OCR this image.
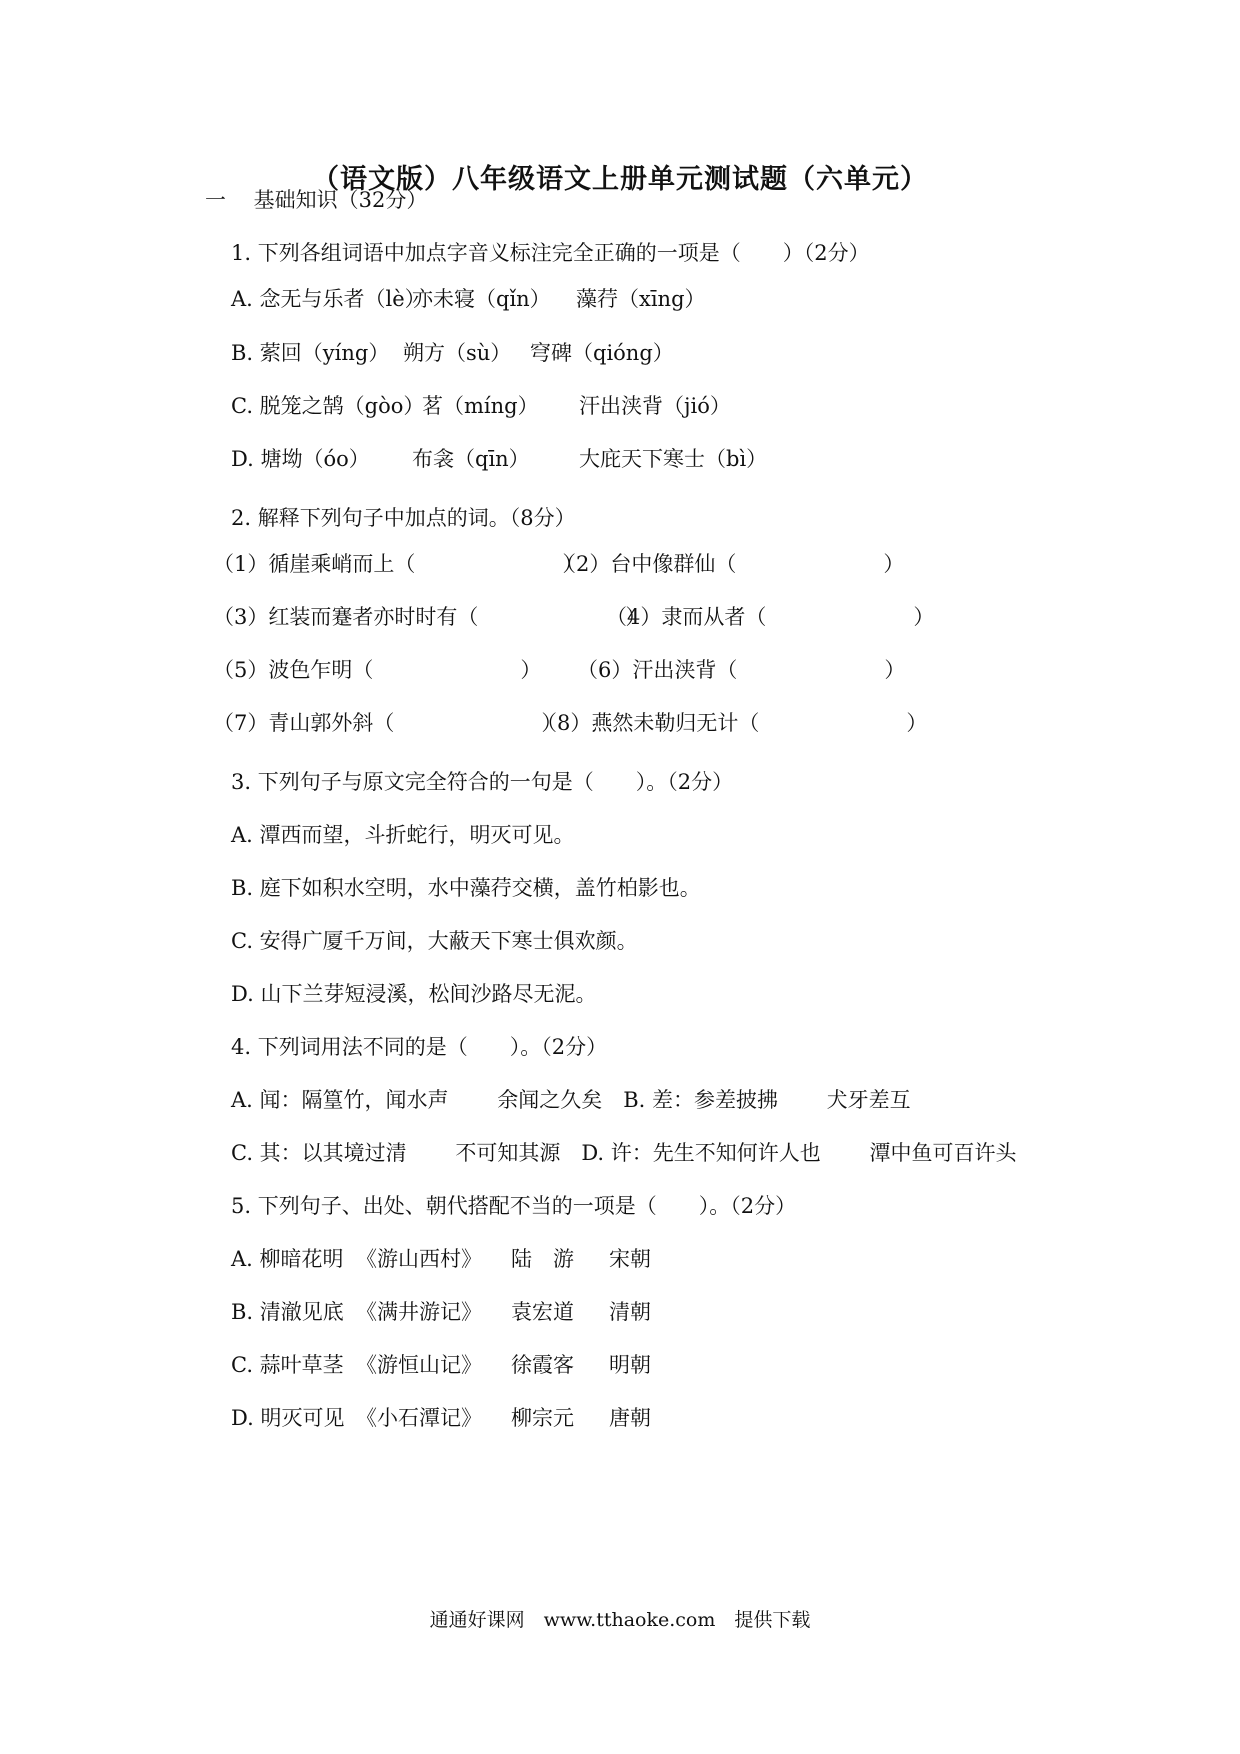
（语文版）八年级语文上册单元测试题（六单元）
一　 基础知识（32分）
1. 下列各组词语中加点字音义标注完全正确的一项是（　　）（2分）
A. 念无与乐者（lè）
亦未寝（qǐn） 藻荇（xīng）
B. 萦回（yíng） 朔方（sù） 穹碑（qióng）
C. 脱笼之鹄（gòo）
茗（míng） 汗出浃背（jió）
D. 塘坳（óo） 布衾（qīn） 大庇天下寒士（bì）
2. 解释下列句子中加点的词。（8分）
（1）循崖乘峭而上（　　　　　　　）
（2）台中像群仙（　　　　　　　）
（3）红装而蹇者亦时时有（　　　　　　　）
（4）隶而从者（　　　　　　　）
（5）波色乍明（　　　　　　　） （6）汗出浃背（　　　　　　　）
（7）青山郭外斜（　　　　　　　）
（8）燕然未勒归无计（　　　　　　　）
3. 下列句子与原文完全符合的一句是（　　）。（2分）
A. 潭西而望，斗折蛇行，明灭可见。
B. 庭下如积水空明，水中藻荇交横，盖竹柏影也。
C. 安得广厦千万间，大蔽天下寒士俱欢颜。
D. 山下兰芽短浸溪，松间沙路尽无泥。
4. 下列词用法不同的是（　　）。（2分）
A. 闻：隔篁竹，闻水声　　 余闻之久矣　B. 差：参差披拂　　 犬牙差互
C. 其：以其境过清　　 不可知其源　D. 许：先生不知何许人也　　 潭中鱼可百许头
5. 下列句子、出处、朝代搭配不当的一项是（　　）。（2分）
A. 柳暗花明 《游山西村》 陆　游 宋朝
B. 清澈见底 《满井游记》 袁宏道 清朝
C. 蒜叶草茎 《游恒山记》 徐霞客 明朝
D. 明灭可见 《小石潭记》 柳宗元 唐朝
通通好课网　www.tthaoke.com　提供下载
